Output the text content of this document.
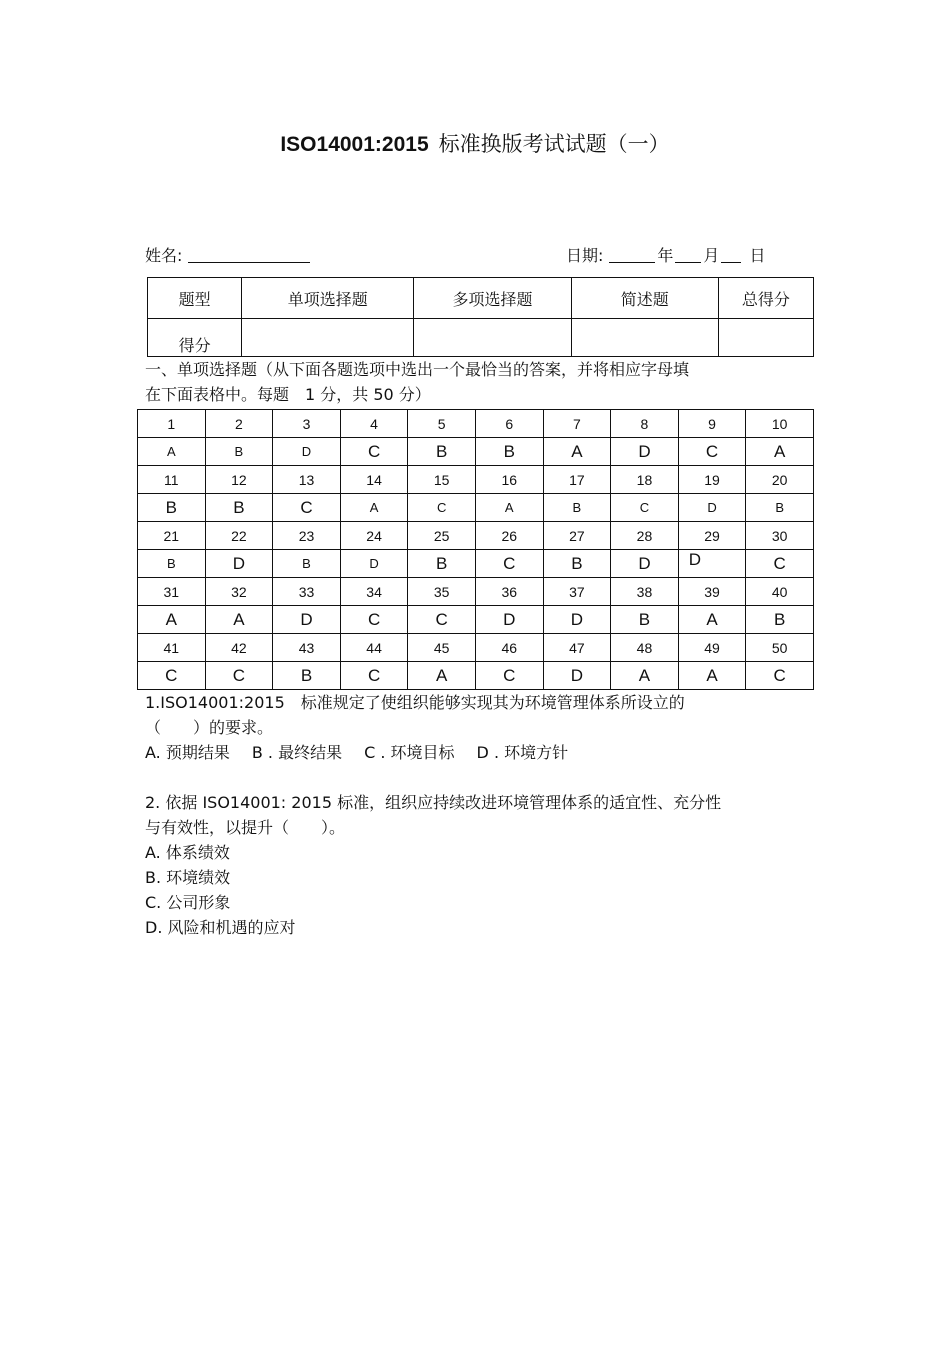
ISO14001:2015 标准换版考试试题（一）
姓名:	日期:	年 月 日
题型	单项选择题	多项选择题	简述题	总得分
得分				
一、单项选择题（从下面各题选项中选出一个最恰当的答案，并将相应字母填
在下面表格中。每题　1 分，共 50 分）
1	2	3	4	5	6	7	8	9	10
A	B	D	C	B	B	A	D	C	A
11	12	13	14	15	16	17	18	19	20
B	B	C	A	C	A	B	C	D	B
21	22	23	24	25	26	27	28	29	30
B	D	B	D	B	C	B	D	D	C
31	32	33	34	35	36	37	38	39	40
A	A	D	C	C	D	D	B	A	B
41	42	43	44	45	46	47	48	49	50
C	C	B	C	A	C	D	A	A	C
1.ISO14001:2015　标准规定了使组织能够实现其为环境管理体系所设立的
（　　）的要求。
A. 预期结果 B . 最终结果 C . 环境目标 D . 环境方针
2. 依据 ISO14001: 2015 标准，组织应持续改进环境管理体系的适宜性、充分性
与有效性，以提升（　　）。
A. 体系绩效
B. 环境绩效
C. 公司形象
D. 风险和机遇的应对
